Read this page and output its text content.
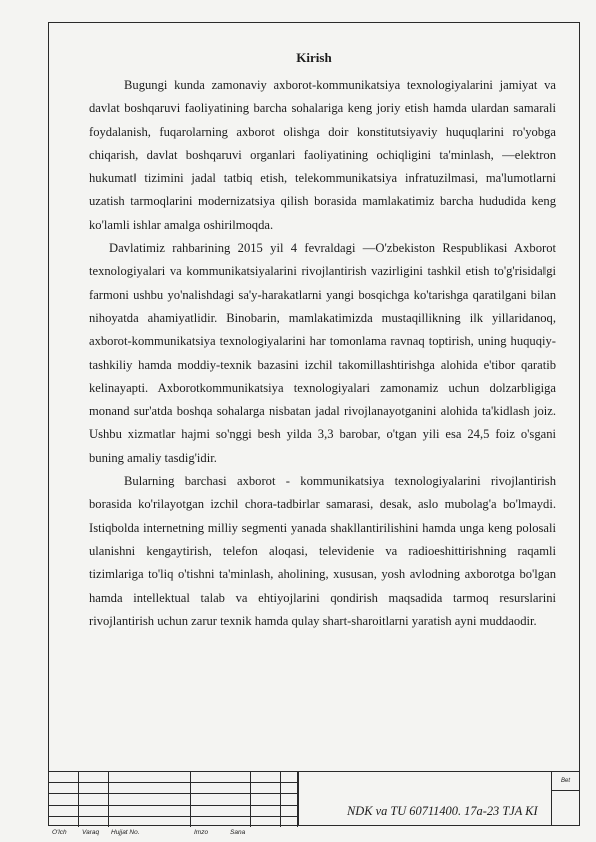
Kirish

Bugungi kunda zamonaviy axborot-kommunikatsiya texnologiyalarini jamiyat va davlat boshqaruvi faoliyatining barcha sohalariga keng joriy etish hamda ulardan samarali foydalanish, fuqarolarning axborot olishga doir konstitutsiyaviy huquqlarini ro'yobga chiqarish, davlat boshqaruvi organlari faoliyatining ochiqligini ta'minlash, ―elektron hukumatǁ tizimini jadal tatbiq etish, telekommunikatsiya infratuzilmasi, ma'lumotlarni uzatish tarmoqlarini modernizatsiya qilish borasida mamlakatimiz barcha hududida keng ko'lamli ishlar amalga oshirilmoqda.

Davlatimiz rahbarining 2015 yil 4 fevraldagi ―O'zbekiston Respublikasi Axborot texnologiyalari va kommunikatsiyalarini rivojlantirish vazirligini tashkil etish to'g'risidaǁgi farmoni ushbu yo'nalishdagi sa'y-harakatlarni yangi bosqichga ko'tarishga qaratilgani bilan nihoyatda ahamiyatlidir. Binobarin, mamlakatimizda mustaqillikning ilk yillaridanoq, axborot-kommunikatsiya texnologiyalarini har tomonlama ravnaq toptirish, uning huquqiy-tashkiliy hamda moddiy-texnik bazasini izchil takomillashtirishga alohida e'tibor qaratib kelinayapti. Axborotkommunikatsiya texnologiyalari zamonamiz uchun dolzarbligiga monand sur'atda boshqa sohalarga nisbatan jadal rivojlanayotganini alohida ta'kidlash joiz. Ushbu xizmatlar hajmi so'nggi besh yilda 3,3 barobar, o'tgan yili esa 24,5 foiz o'sgani buning amaliy tasdig'idir.

Bularning barchasi axborot - kommunikatsiya texnologiyalarini rivojlantirish borasida ko'rilayotgan izchil chora-tadbirlar samarasi, desak, aslo mubolag'a bo'lmaydi. Istiqbolda internetning milliy segmenti yanada shakllantirilishini hamda unga keng polosali ulanishni kengaytirish, telefon aloqasi, televidenie va radioeshittirishning raqamli tizimlariga to'liq o'tishni ta'minlash, aholining, xususan, yosh avlodning axborotga bo'lgan hamda intellektual talab va ehtiyojlarini qondirish maqsadida tarmoq resurslarini rivojlantirish uchun zarur texnik hamda qulay shart-sharoitlarni yaratish ayni muddaodir.

NDK va TU 60711400. 17a-23 TJA KI
Bet
O'lch Varaq Hujjat No.	Imzo	Sana
